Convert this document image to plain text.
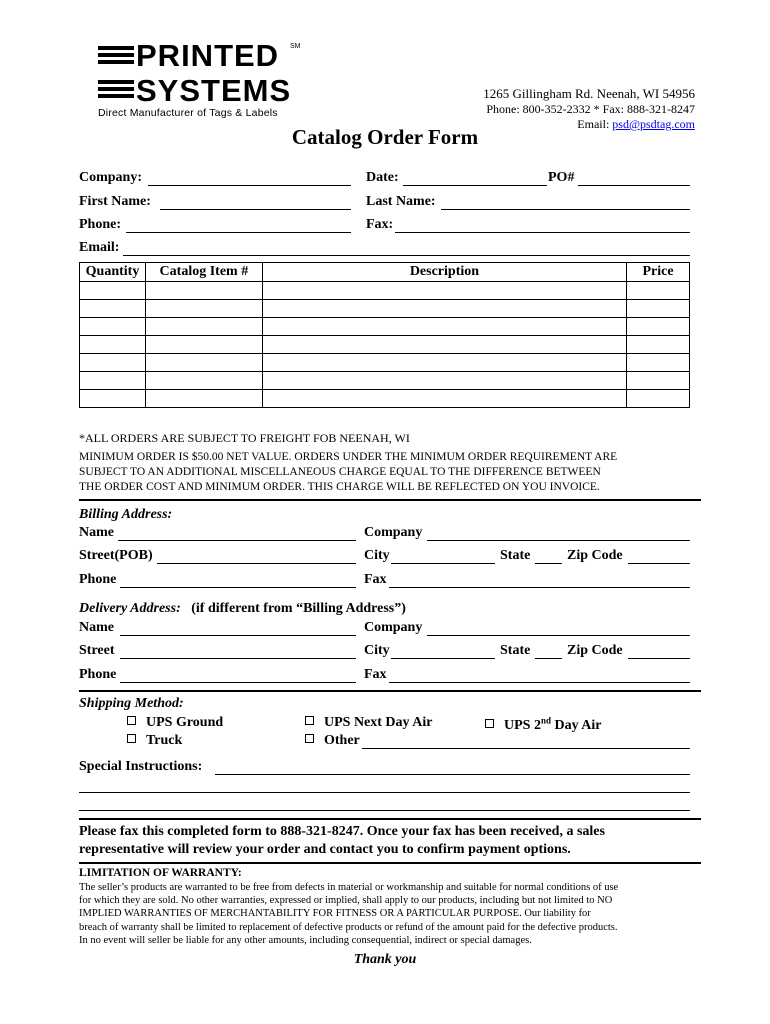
PRINTED
SYSTEMS
SM
Direct Manufacturer of Tags & Labels
1265 Gillingham Rd. Neenah, WI 54956
Phone: 800-352-2332 * Fax: 888-321-8247
Email: psd@psdtag.com
Catalog Order Form
Company:	Date:	PO#
First Name:	Last Name:
Phone:	Fax:
Email:
Quantity	Catalog Item #	Description	Price

*ALL ORDERS ARE SUBJECT TO FREIGHT FOB NEENAH, WI
MINIMUM ORDER IS $50.00 NET VALUE. ORDERS UNDER THE MINIMUM ORDER REQUIREMENT ARE
SUBJECT TO AN ADDITIONAL MISCELLANEOUS CHARGE EQUAL TO THE DIFFERENCE BETWEEN
THE ORDER COST AND MINIMUM ORDER. THIS CHARGE WILL BE REFLECTED ON YOU INVOICE.
Billing Address:
Name	Company
Street(POB)	City	State	Zip Code
Phone	Fax
Delivery Address: (if different from “Billing Address”)
Name	Company
Street	City	State	Zip Code
Phone	Fax
Shipping Method:
UPS Ground
Truck
UPS Next Day Air
Other
UPS 2nd Day Air
Special Instructions:
Please fax this completed form to 888-321-8247. Once your fax has been received, a sales
representative will review your order and contact you to confirm payment options.
LIMITATION OF WARRANTY:
The seller’s products are warranted to be free from defects in material or workmanship and suitable for normal conditions of use
for which they are sold. No other warranties, expressed or implied, shall apply to our products, including but not limited to NO
IMPLIED WARRANTIES OF MERCHANTABILITY FOR FITNESS OR A PARTICULAR PURPOSE. Our liability for
breach of warranty shall be limited to replacement of defective products or refund of the amount paid for the defective products.
In no event will seller be liable for any other amounts, including consequential, indirect or special damages.
Thank you
